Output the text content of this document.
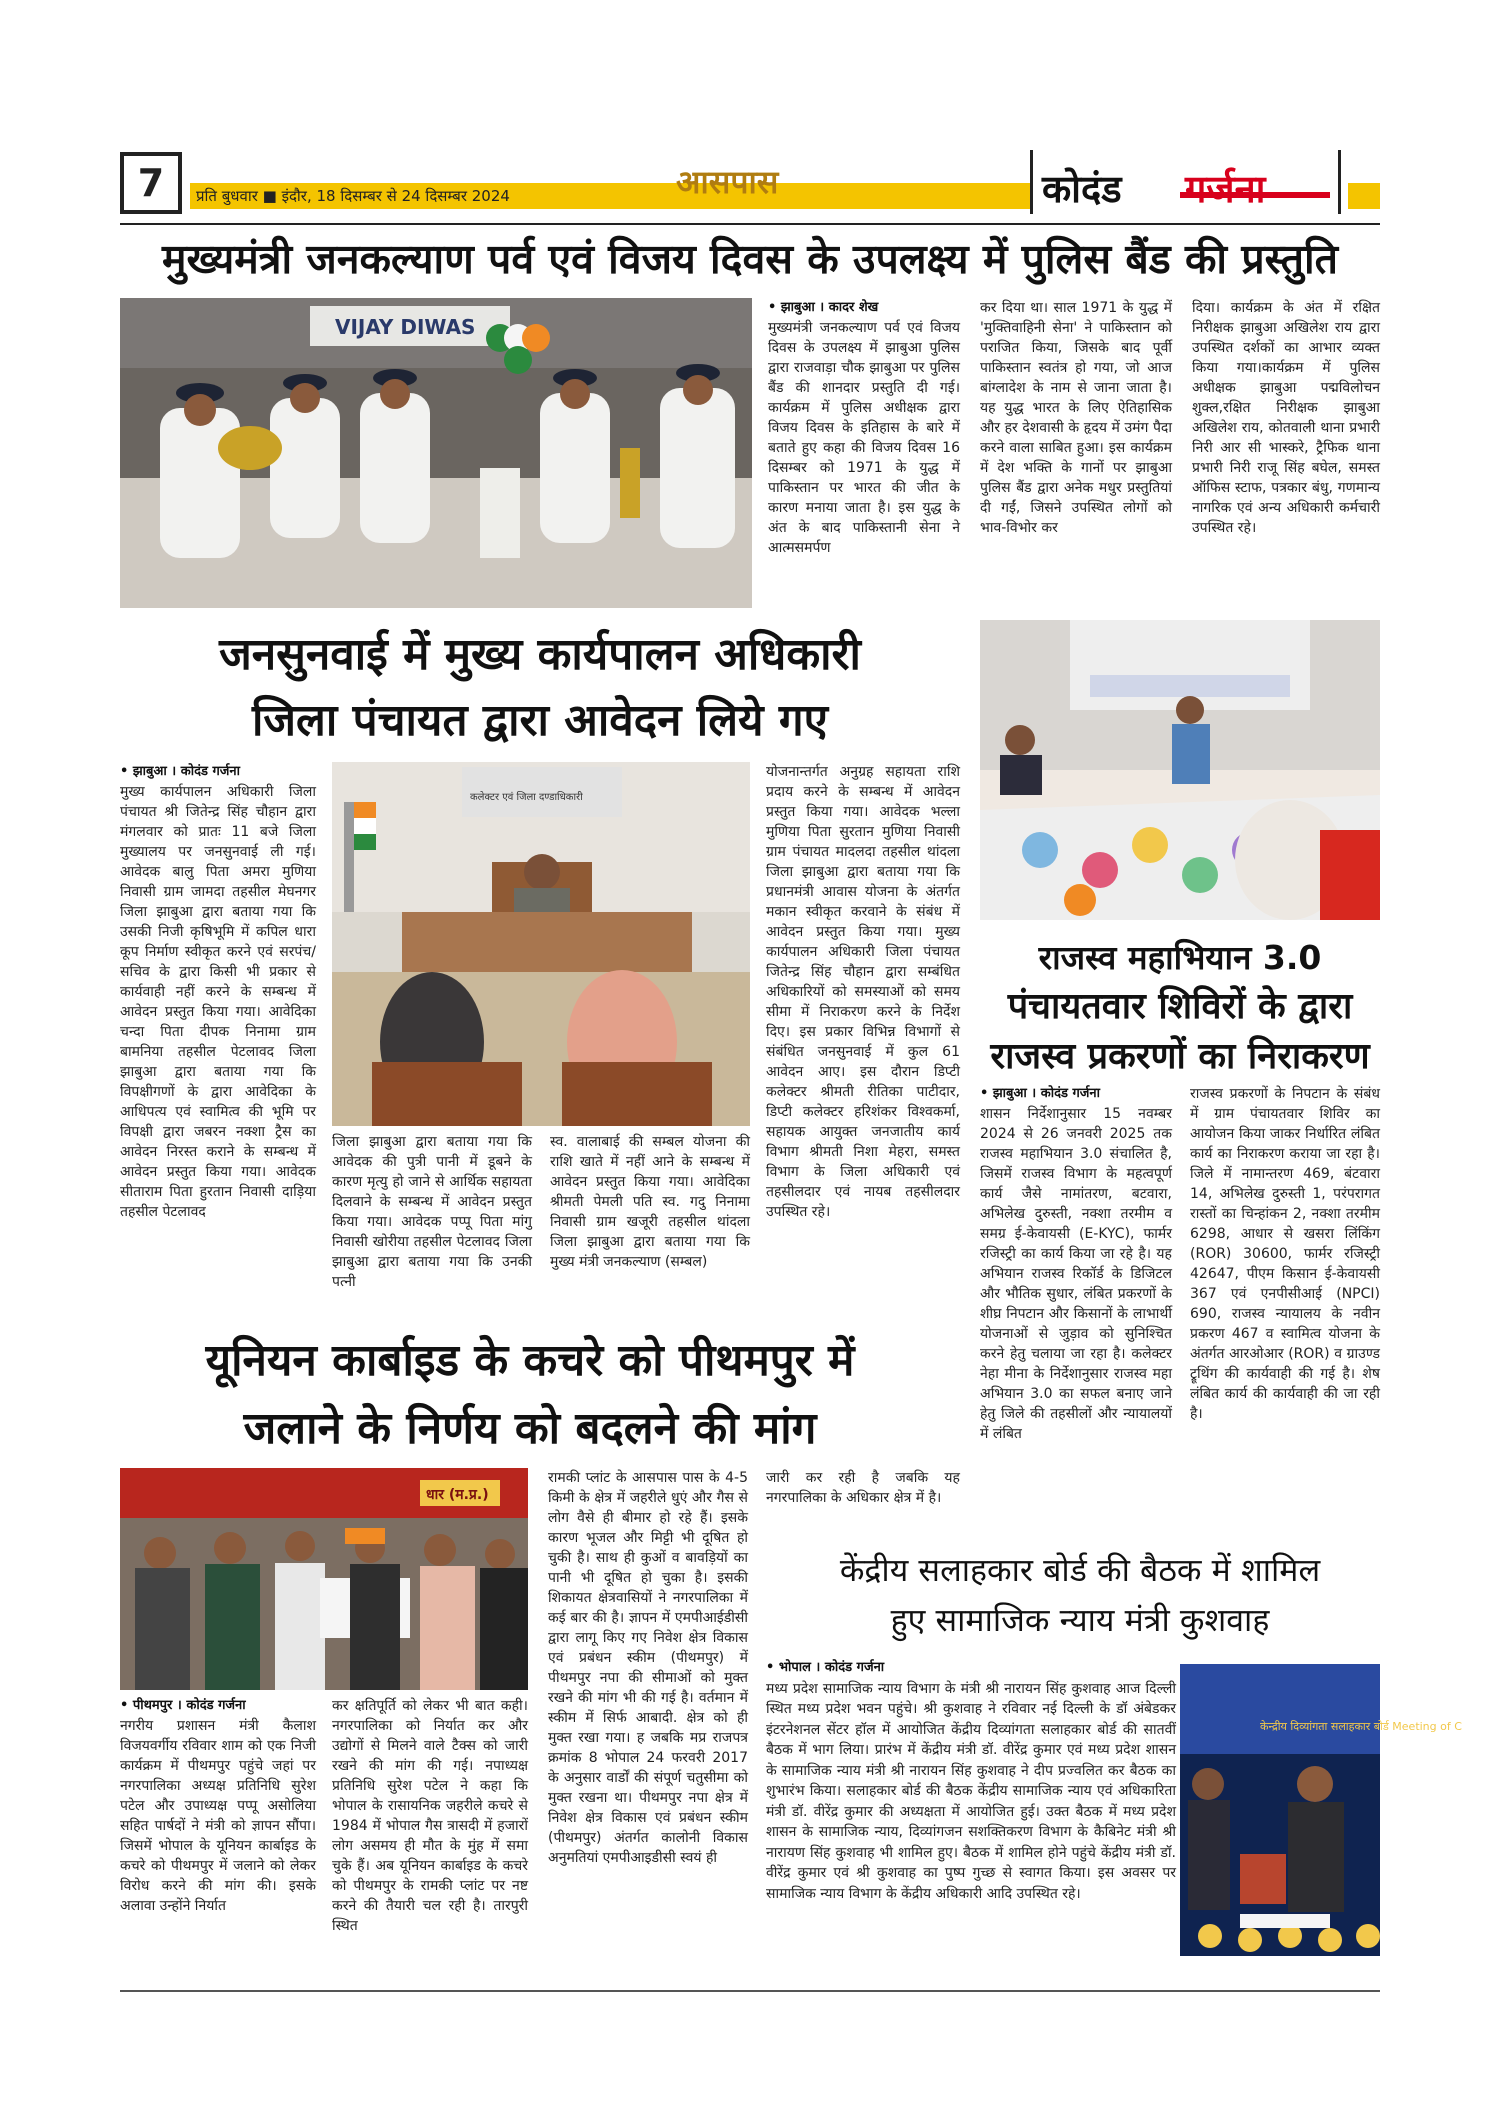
7	प्रति बुधवार ■ इंदौर, 18 दिसम्बर से 24 दिसम्बर 2024	आसपास	कोदंड गर्जना
मुख्यमंत्री जनकल्याण पर्व एवं विजय दिवस के उपलक्ष्य में पुलिस बैंड की प्रस्तुति
VIJAY DIWAS
• झाबुआ । कादर शेख
मुख्यमंत्री जनकल्याण पर्व एवं विजय दिवस के उपलक्ष्य में झाबुआ पुलिस द्वारा राजवाड़ा चौक झाबुआ पर पुलिस बैंड की शानदार प्रस्तुति दी गई। कार्यक्रम में पुलिस अधीक्षक द्वारा विजय दिवस के इतिहास के बारे में बताते हुए कहा की विजय दिवस 16 दिसम्बर को 1971 के युद्ध में पाकिस्तान पर भारत की जीत के कारण मनाया जाता है। इस युद्ध के अंत के बाद पाकिस्तानी सेना ने आत्मसमर्पण
कर दिया था। साल 1971 के युद्ध में 'मुक्तिवाहिनी सेना' ने पाकिस्तान को पराजित किया, जिसके बाद पूर्वी पाकिस्तान स्वतंत्र हो गया, जो आज बांग्लादेश के नाम से जाना जाता है। यह युद्ध भारत के लिए ऐतिहासिक और हर देशवासी के हृदय में उमंग पैदा करने वाला साबित हुआ। इस कार्यक्रम में देश भक्ति के गानों पर झाबुआ पुलिस बैंड द्वारा अनेक मधुर प्रस्तुतियां दी गईं, जिसने उपस्थित लोगों को भाव-विभोर कर
दिया। कार्यक्रम के अंत में रक्षित निरीक्षक झाबुआ अखिलेश राय द्वारा उपस्थित दर्शकों का आभार व्यक्त किया गया।कार्यक्रम में पुलिस अधीक्षक झाबुआ पद्मविलोचन शुक्ल,रक्षित निरीक्षक झाबुआ अखिलेश राय, कोतवाली थाना प्रभारी निरी आर सी भास्करे, ट्रैफिक थाना प्रभारी निरी राजू सिंह बघेल, समस्त ऑफिस स्टाफ, पत्रकार बंधु, गणमान्य नागरिक एवं अन्य अधिकारी कर्मचारी उपस्थित रहे।
जनसुनवाई में मुख्य कार्यपालन अधिकारी
जिला पंचायत द्वारा आवेदन लिये गए
कलेक्टर एवं जिला दण्डाधिकारी
• झाबुआ । कोदंड गर्जना
मुख्य कार्यपालन अधिकारी जिला पंचायत श्री जितेन्द्र सिंह चौहान द्वारा मंगलवार को प्रातः 11 बजे जिला मुख्यालय पर जनसुनवाई ली गई। आवेदक बालु पिता अमरा मुणिया निवासी ग्राम जामदा तहसील मेघनगर जिला झाबुआ द्वारा बताया गया कि उसकी निजी कृषिभूमि में कपिल धारा कूप निर्माण स्वीकृत करने एवं सरपंच/सचिव के द्वारा किसी भी प्रकार से कार्यवाही नहीं करने के सम्बन्ध में आवेदन प्रस्तुत किया गया। आवेदिका चन्दा पिता दीपक निनामा ग्राम बामनिया तहसील पेटलावद जिला झाबुआ द्वारा बताया गया कि विपक्षीगणों के द्वारा आवेदिका के आधिपत्य एवं स्वामित्व की भूमि पर विपक्षी द्वारा जबरन नक्शा ट्रैस का आवेदन निरस्त कराने के सम्बन्ध में आवेदन प्रस्तुत किया गया। आवेदक सीताराम पिता हुरतान निवासी दाड़िया तहसील पेटलावद
जिला झाबुआ द्वारा बताया गया कि आवेदक की पुत्री पानी में डूबने के कारण मृत्यु हो जाने से आर्थिक सहायता दिलवाने के सम्बन्ध में आवेदन प्रस्तुत किया गया। आवेदक पप्पू पिता मांगु निवासी खोरीया तहसील पेटलावद जिला झाबुआ द्वारा बताया गया कि उनकी पत्नी
स्व. वालाबाई की सम्बल योजना की राशि खाते में नहीं आने के सम्बन्ध में आवेदन प्रस्तुत किया गया। आवेदिका श्रीमती पेमली पति स्व. गदु निनामा निवासी ग्राम खजूरी तहसील थांदला जिला झाबुआ द्वारा बताया गया कि मुख्य मंत्री जनकल्याण (सम्बल)
योजनान्तर्गत अनुग्रह सहायता राशि प्रदाय करने के सम्बन्ध में आवेदन प्रस्तुत किया गया। आवेदक भल्ला मुणिया पिता सुरतान मुणिया निवासी ग्राम पंचायत मादलदा तहसील थांदला जिला झाबुआ द्वारा बताया गया कि प्रधानमंत्री आवास योजना के अंतर्गत मकान स्वीकृत करवाने के संबंध में आवेदन प्रस्तुत किया गया। मुख्य कार्यपालन अधिकारी जिला पंचायत जितेन्द्र सिंह चौहान द्वारा सम्बंधित अधिकारियों को समस्याओं को समय सीमा में निराकरण करने के निर्देश दिए। इस प्रकार विभिन्न विभागों से संबंधित जनसुनवाई में कुल 61 आवेदन आए। इस दौरान डिप्टी कलेक्टर श्रीमती रीतिका पाटीदार, डिप्टी कलेक्टर हरिशंकर विश्वकर्मा, सहायक आयुक्त जनजातीय कार्य विभाग श्रीमती निशा मेहरा, समस्त विभाग के जिला अधिकारी एवं तहसीलदार एवं नायब तहसीलदार उपस्थित रहे।
राजस्व महाभियान 3.0
पंचायतवार शिविरों के द्वारा
राजस्व प्रकरणों का निराकरण
• झाबुआ । कोदंड गर्जना
शासन निर्देशानुसार 15 नवम्बर 2024 से 26 जनवरी 2025 तक राजस्व महाभियान 3.0 संचालित है, जिसमें राजस्व विभाग के महत्वपूर्ण कार्य जैसे नामांतरण, बटवारा, अभिलेख दुरुस्ती, नक्शा तरमीम व समग्र ई-केवायसी (E-KYC), फार्मर रजिस्ट्री का कार्य किया जा रहे है। यह अभियान राजस्व रिकॉर्ड के डिजिटल और भौतिक सुधार, लंबित प्रकरणों के शीघ्र निपटान और किसानों के लाभार्थी योजनाओं से जुड़ाव को सुनिश्चित करने हेतु चलाया जा रहा है। कलेक्टर नेहा मीना के निर्देशानुसार राजस्व महा अभियान 3.0 का सफल बनाए जाने हेतु जिले की तहसीलों और न्यायालयों में लंबित
राजस्व प्रकरणों के निपटान के संबंध में ग्राम पंचायतवार शिविर का आयोजन किया जाकर निर्धारित लंबित कार्य का निराकरण कराया जा रहा है। जिले में नामान्तरण 469, बंटवारा 14, अभिलेख दुरुस्ती 1, परंपरागत रास्तों का चिन्हांकन 2, नक्शा तरमीम 6298, आधार से खसरा लिंकिंग (ROR) 30600, फार्मर रजिस्ट्री 42647, पीएम किसान ई-केवायसी 367 एवं एनपीसीआई (NPCI) 690, राजस्व न्यायालय के नवीन प्रकरण 467 व स्वामित्व योजना के अंतर्गत आरओआर (ROR) व ग्राउण्ड ट्रूथिंग की कार्यवाही की गई है। शेष लंबित कार्य की कार्यवाही की जा रही है।
यूनियन कार्बाइड के कचरे को पीथमपुर में
जलाने के निर्णय को बदलने की मांग
धार (म.प्र.)
• पीथमपुर । कोदंड गर्जना
नगरीय प्रशासन मंत्री कैलाश विजयवर्गीय रविवार शाम को एक निजी कार्यक्रम में पीथमपुर पहुंचे जहां पर नगरपालिका अध्यक्ष प्रतिनिधि सुरेश पटेल और उपाध्यक्ष पप्पू असोलिया सहित पार्षदों ने मंत्री को ज्ञापन सौंपा। जिसमें भोपाल के यूनियन कार्बाइड के कचरे को पीथमपुर में जलाने को लेकर विरोध करने की मांग की। इसके अलावा उन्होंने निर्यात
कर क्षतिपूर्ति को लेकर भी बात कही। नगरपालिका को निर्यात कर और उद्योगों से मिलने वाले टैक्स को जारी रखने की मांग की गई। नपाध्यक्ष प्रतिनिधि सुरेश पटेल ने कहा कि भोपाल के रासायनिक जहरीले कचरे से 1984 में भोपाल गैस त्रासदी में हजारों लोग असमय ही मौत के मुंह में समा चुके हैं। अब यूनियन कार्बाइड के कचरे को पीथमपुर के रामकी प्लांट पर नष्ट करने की तैयारी चल रही है। तारपुरी स्थित
रामकी प्लांट के आसपास पास के 4-5 किमी के क्षेत्र में जहरीले धुएं और गैस से लोग वैसे ही बीमार हो रहे हैं। इसके कारण भूजल और मिट्टी भी दूषित हो चुकी है। साथ ही कुओं व बावड़ियों का पानी भी दूषित हो चुका है। इसकी शिकायत क्षेत्रवासियों ने नगरपालिका में कई बार की है। ज्ञापन में एमपीआईडीसी द्वारा लागू किए गए निवेश क्षेत्र विकास एवं प्रबंधन स्कीम (पीथमपुर) में पीथमपुर नपा की सीमाओं को मुक्त रखने की मांग भी की गई है। वर्तमान में स्कीम में सिर्फ आबादी. क्षेत्र को ही मुक्त रखा गया। ह जबकि मप्र राजपत्र क्रमांक 8 भोपाल 24 फरवरी 2017 के अनुसार वार्डों की संपूर्ण चतुसीमा को मुक्त रखना था। पीथमपुर नपा क्षेत्र में निवेश क्षेत्र विकास एवं प्रबंधन स्कीम (पीथमपुर) अंतर्गत कालोनी विकास अनुमतियां एमपीआइडीसी स्वयं ही
जारी कर रही है जबकि यह नगरपालिका के अधिकार क्षेत्र में है।
केंद्रीय सलाहकार बोर्ड की बैठक में शामिल
हुए सामाजिक न्याय मंत्री कुशवाह
• भोपाल । कोदंड गर्जना
मध्य प्रदेश सामाजिक न्याय विभाग के मंत्री श्री नारायन सिंह कुशवाह आज दिल्ली स्थित मध्य प्रदेश भवन पहुंचे। श्री कुशवाह ने रविवार नई दिल्ली के डॉ अंबेडकर इंटरनेशनल सेंटर हॉल में आयोजित केंद्रीय दिव्यांगता सलाहकार बोर्ड की सातवीं बैठक में भाग लिया। प्रारंभ में केंद्रीय मंत्री डॉ. वीरेंद्र कुमार एवं मध्य प्रदेश शासन के सामाजिक न्याय मंत्री श्री नारायन सिंह कुशवाह ने दीप प्रज्वलित कर बैठक का शुभारंभ किया। सलाहकार बोर्ड की बैठक केंद्रीय सामाजिक न्याय एवं अधिकारिता मंत्री डॉ. वीरेंद्र कुमार की अध्यक्षता में आयोजित हुई। उक्त बैठक में मध्य प्रदेश शासन के सामाजिक न्याय, दिव्यांगजन सशक्तिकरण विभाग के कैबिनेट मंत्री श्री नारायण सिंह कुशवाह भी शामिल हुए। बैठक में शामिल होने पहुंचे केंद्रीय मंत्री डॉ. वीरेंद्र कुमार एवं श्री कुशवाह का पुष्प गुच्छ से स्वागत किया। इस अवसर पर सामाजिक न्याय विभाग के केंद्रीय अधिकारी आदि उपस्थित रहे।
केन्द्रीय दिव्यांगता सलाहकार बोर्ड Meeting of C
